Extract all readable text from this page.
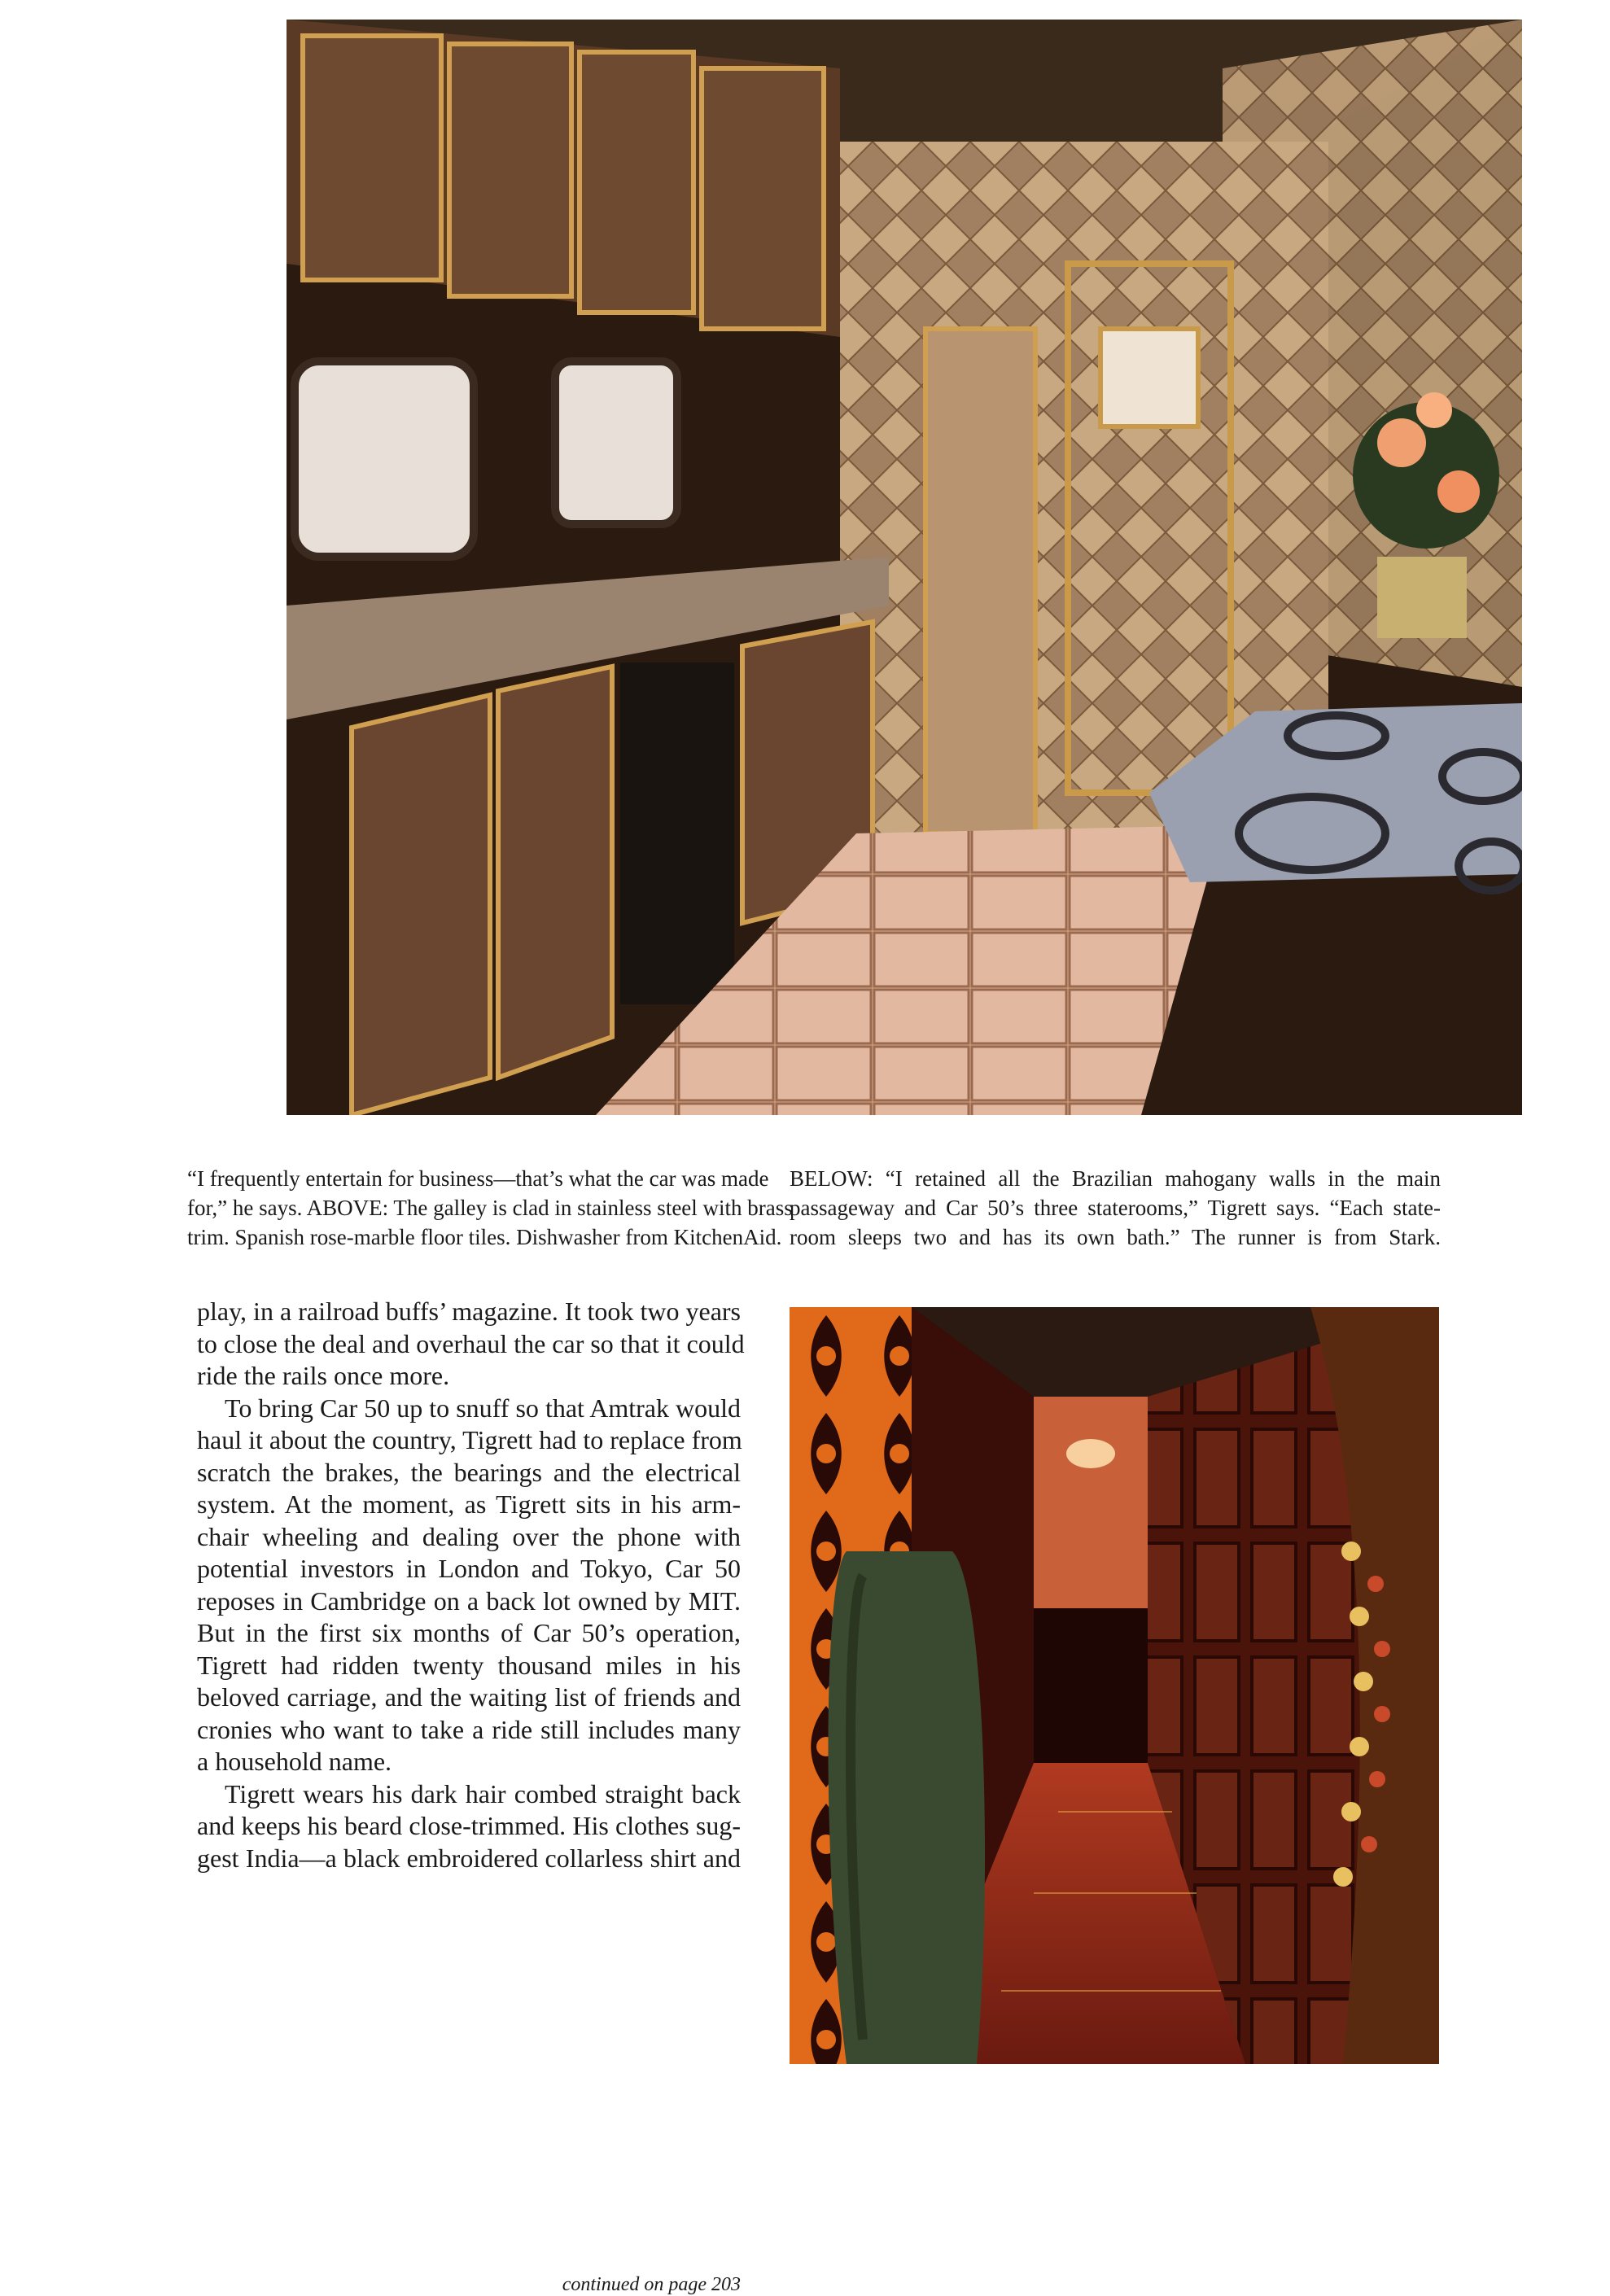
“I frequently entertain for business—that’s what the car was made
for,” he says. ABOVE: The galley is clad in stainless steel with brass
trim. Spanish rose-marble floor tiles. Dishwasher from KitchenAid.
BELOW: “I retained all the Brazilian mahogany walls in the main
passageway and Car 50’s three staterooms,” Tigrett says. “Each state-
room sleeps two and has its own bath.” The runner is from Stark.
play, in a railroad buffs’ magazine. It took two years
to close the deal and overhaul the car so that it could
ride the rails once more.
To bring Car 50 up to snuff so that Amtrak would
haul it about the country, Tigrett had to replace from
scratch the brakes, the bearings and the electrical
system. At the moment, as Tigrett sits in his arm-
chair wheeling and dealing over the phone with
potential investors in London and Tokyo, Car 50
reposes in Cambridge on a back lot owned by MIT.
But in the first six months of Car 50’s operation,
Tigrett had ridden twenty thousand miles in his
beloved carriage, and the waiting list of friends and
cronies who want to take a ride still includes many
a household name.
Tigrett wears his dark hair combed straight back
and keeps his beard close-trimmed. His clothes sug-
gest India—a black embroidered collarless shirt and
continued on page 203
